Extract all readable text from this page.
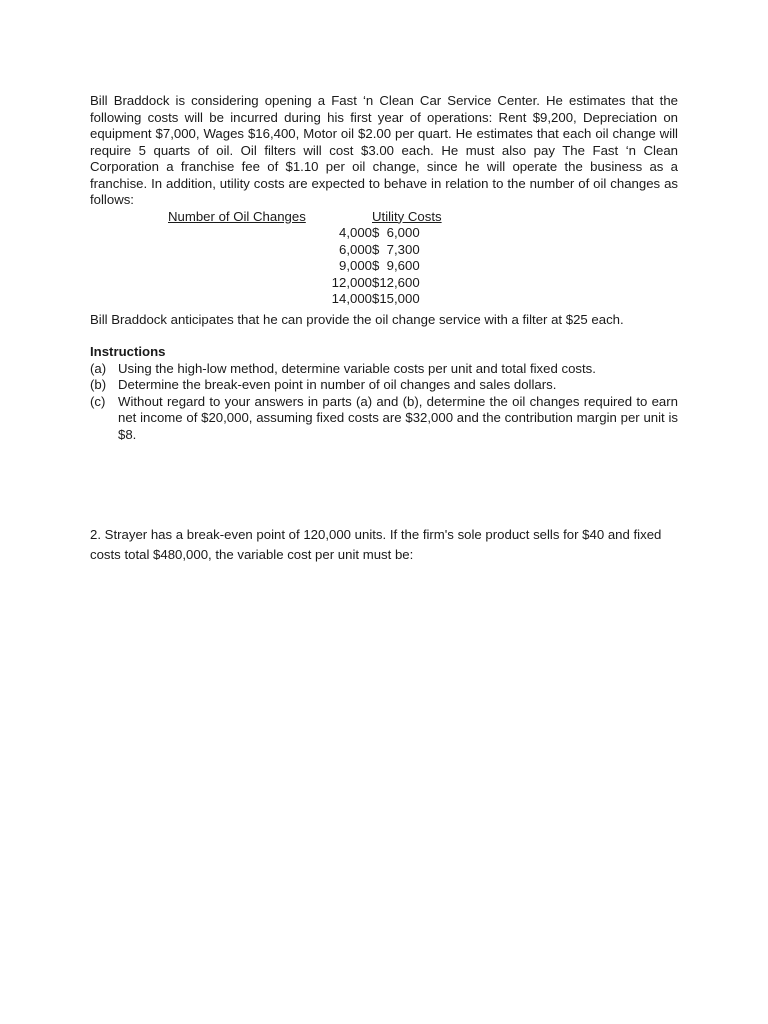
Bill Braddock is considering opening a Fast ‘n Clean Car Service Center. He estimates that the following costs will be incurred during his first year of operations: Rent $9,200, Depreciation on equipment $7,000, Wages $16,400, Motor oil $2.00 per quart. He estimates that each oil change will require 5 quarts of oil. Oil filters will cost $3.00 each. He must also pay The Fast ‘n Clean Corporation a franchise fee of $1.10 per oil change, since he will operate the business as a franchise. In addition, utility costs are expected to behave in relation to the number of oil changes as follows:

Number of Oil Changes	Utility Costs
4,000	$  6,000
6,000	$  7,300
9,000	$  9,600
12,000	$12,600
14,000	$15,000

Bill Braddock anticipates that he can provide the oil change service with a filter at $25 each.

Instructions

(a) Using the high-low method, determine variable costs per unit and total fixed costs.
(b) Determine the break-even point in number of oil changes and sales dollars.
(c) Without regard to your answers in parts (a) and (b), determine the oil changes required to earn net income of $20,000, assuming fixed costs are $32,000 and the contribution margin per unit is $8.

2. Strayer has a break-even point of 120,000 units. If the firm's sole product sells for $40 and fixed costs total $480,000, the variable cost per unit must be:
